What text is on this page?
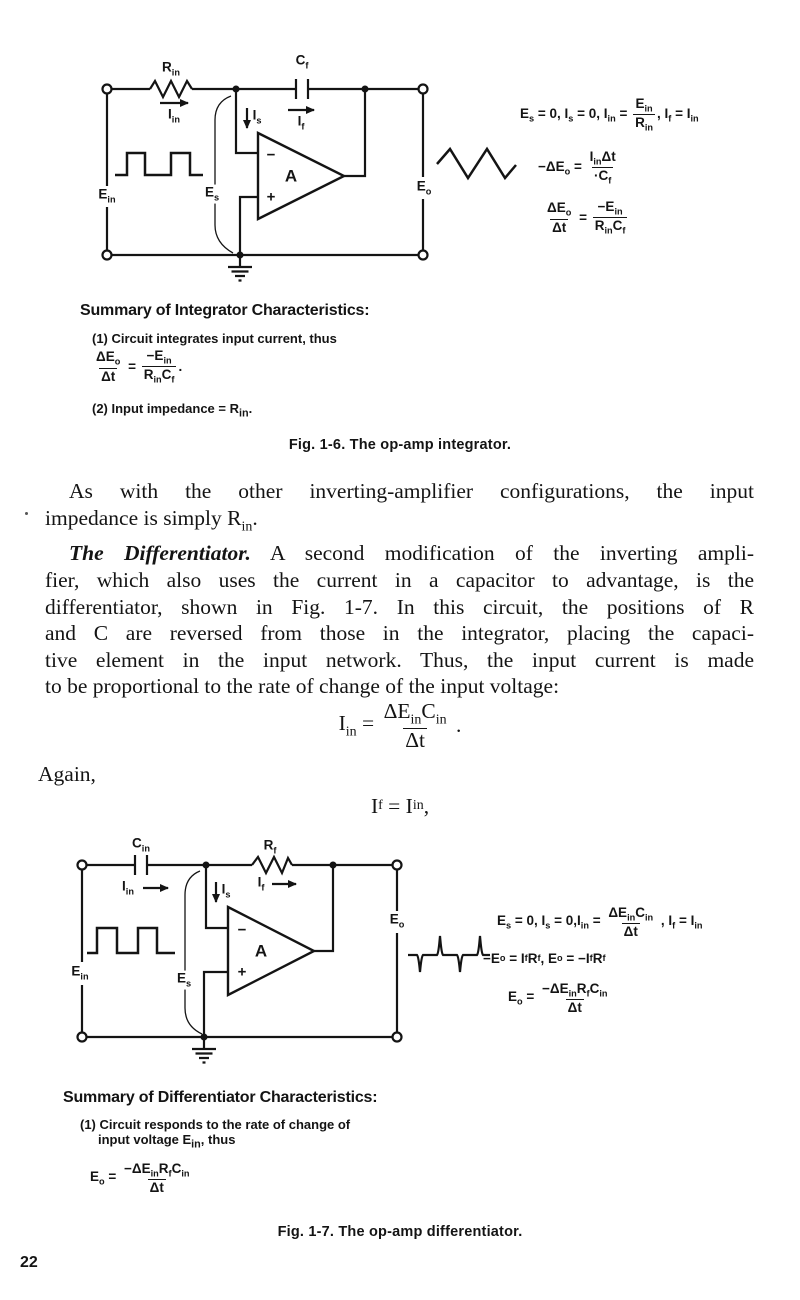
$R_{in}$
$C_f$
$I_{in}$	$I_s$	$I_f$
−
A
+
$E_{in}$	$E_s$
$E_o$
$E_s = 0$, $I_s = 0$, $I_{in} = \frac{E_{in}}{R_{in}}$ , $I_f = I_{in}$
$-\Delta E_o = \frac{I_{in}\Delta t}{\cdot C_f}$
$\frac{\Delta E_o}{\Delta t} = \frac{-E_{in}}{R_{in}C_f}$
Summary of Integrator Characteristics:
(1) Circuit integrates input current, thus
$\frac{\Delta E_o}{\Delta t} = \frac{-E_{in}}{R_{in}C_f}$ .
(2) Input impedance = $R_{in}$.
Fig. 1-6. The op-amp integrator.
As with the other inverting-amplifier configurations, the input
impedance is simply $R_{in}$.
The Differentiator. A second modification of the inverting ampli-
fier, which also uses the current in a capacitor to advantage, is the
differentiator, shown in Fig. 1-7. In this circuit, the positions of R
and C are reversed from those in the integrator, placing the capaci-
tive element in the input network. Thus, the input current is made
to be proportional to the rate of change of the input voltage:
$I_{in} = \frac{\Delta E_{in}C_{in}}{\Delta t}$ .
Again,
I f = I in ,
$C_{in}$	$R_f$
$I_{in}$	$I_s$
$I_f$
−
A
+
$E_{in}$	$E_s$
$E_o$	$E_s = 0$, $I_s = 0,I_{in} = \frac{\Delta E_{in}C_{in}}{\Delta t}$ , $I_f = I_{in}$
−E o = I f R f , E o = −I f R f
$E_o = \frac{-\Delta E_{in}R_fC_{in}}{\Delta t}$
Summary of Differentiator Characteristics:
(1) Circuit responds to the rate of change of
input voltage $E_{in}$, thus
$E_o = \frac{-\Delta E_{in}R_fC_{in}}{\Delta t}$
Fig. 1-7. The op-amp differentiator.
22
